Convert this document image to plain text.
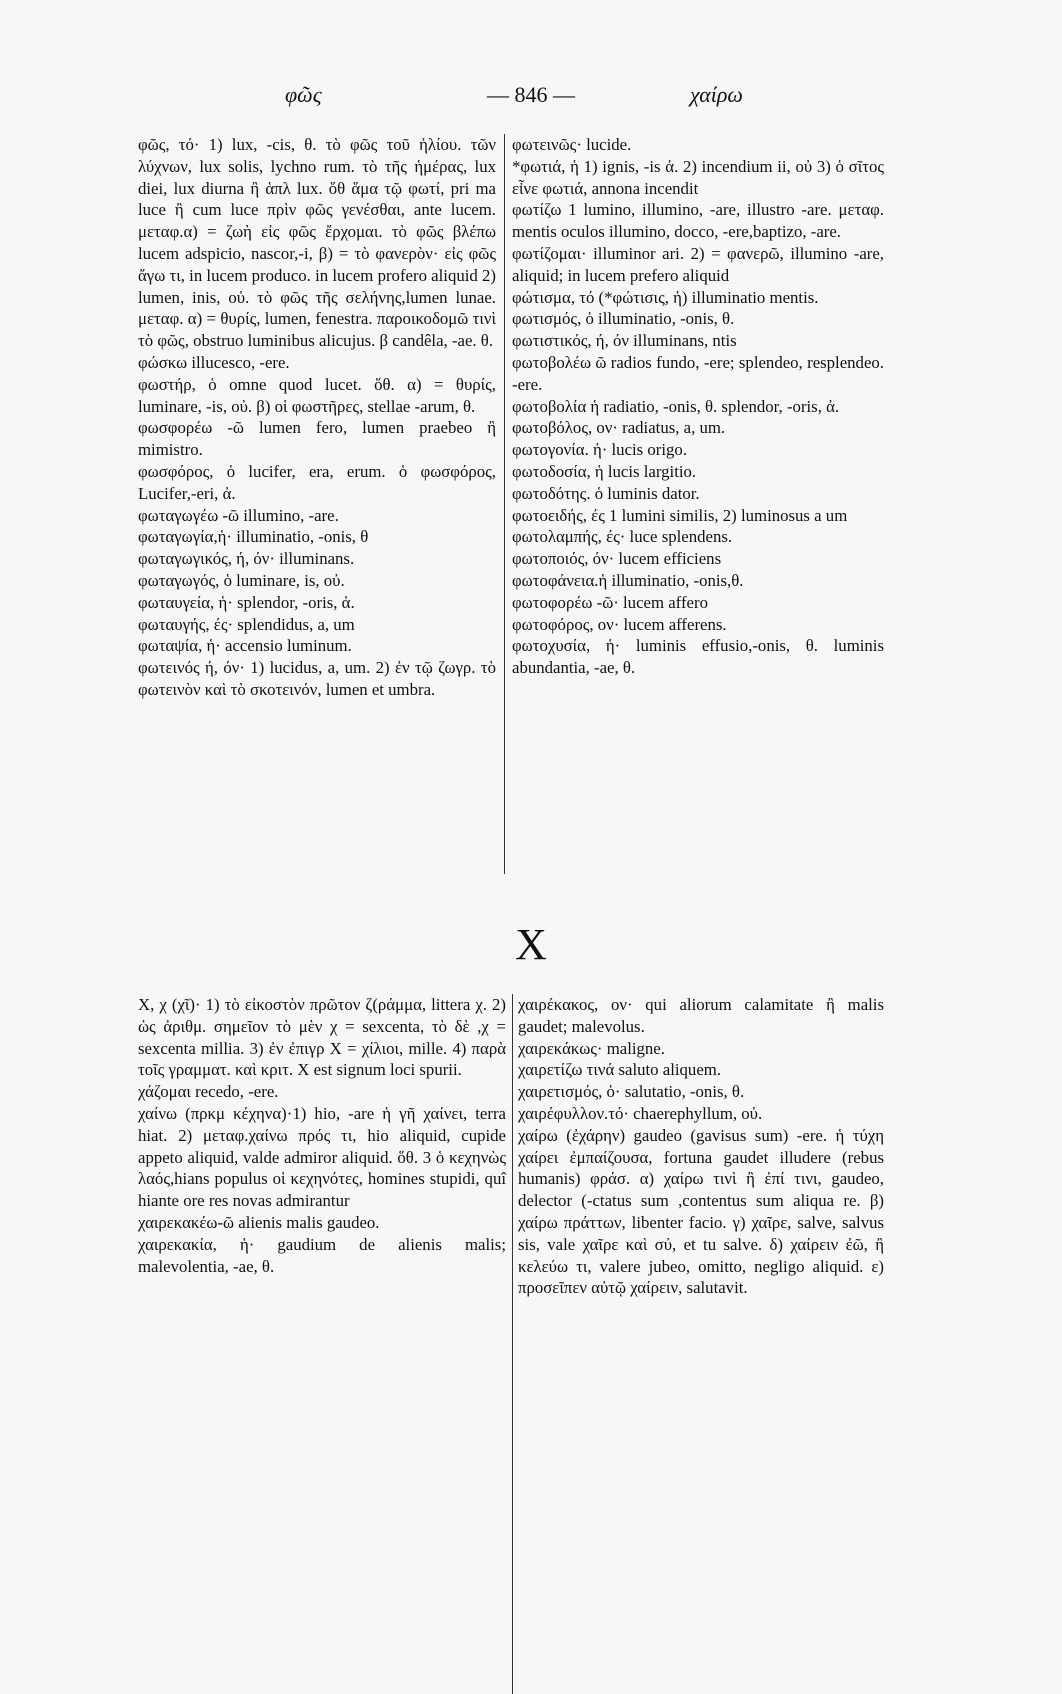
φῶς	— 846 —	χαίρω

φῶς, τό· 1) lux, -cis, θ. τὸ φῶς τοῦ ἡλίου. τῶν λύχνων, lux solis, lychno rum. τὸ τῆς ἡμέρας, lux diei, lux diurna ἢ ἁπλ lux. ὅθ ἅμα τῷ φωτί, pri ma luce ἢ cum luce πρὶν φῶς γενέσθαι, ante lucem. μεταφ.α) = ζωὴ εἰς φῶς ἔρχομαι. τὸ φῶς βλέπω lucem adspicio, nascor,-i, β) = τὸ φανερὸν· εἰς φῶς ἄγω τι, in lucem produco. in lucem profero aliquid 2) lumen, inis, οὐ. τὸ φῶς τῆς σελήνης,lumen lunae. μεταφ. α) = θυρίς, lumen, fenestra. παροικοδομῶ τινὶ τὸ φῶς, obstruo luminibus alicujus. β candêla, -ae. θ.

φώσκω illucesco, -ere.

φωστήρ, ὁ omne quod lucet. ὅθ. α) = θυρίς, luminare, -is, οὐ. β) οἱ φωστῆρες, stellae -arum, θ.

φωσφορέω -ῶ lumen fero, lumen praebeo ἢ mimistro.

φωσφόρος, ὁ lucifer, era, erum. ὁ φωσφόρος, Lucifer,-eri, ἀ.

φωταγωγέω -ῶ illumino, -are.

φωταγωγία,ἡ· illuminatio, -onis, θ

φωταγωγικός, ή, όν· illuminans.

φωταγωγός, ὁ luminare, is, οὐ.

φωταυγεία, ἡ· splendor, -oris, ἀ.

φωταυγής, ές· splendidus, a, um

φωταψία, ἡ· accensio luminum.

φωτεινός ή, όν· 1) lucidus, a, um. 2) ἐν τῷ ζωγρ. τὸ φωτεινὸν καὶ τὸ σκοτεινόν, lumen et umbra.

φωτεινῶς· lucide.

*φωτιά, ἡ 1) ignis, -is ἀ. 2) incendium ii, οὐ 3) ὁ σῖτος εἶνε φωτιά, annona incendit

φωτίζω 1 lumino, illumino, -are, illustro -are. μεταφ. mentis oculos illumino, docco, -ere,baptizo, -are.

φωτίζομαι· illuminor ari. 2) = φανερῶ, illumino -are, aliquid; in lucem prefero aliquid

φώτισμα, τό (*φώτισις, ἡ) illuminatio mentis.

φωτισμός, ὁ illuminatio, -onis, θ.

φωτιστικός, ή, όν illuminans, ntis

φωτοβολέω ῶ radios fundo, -ere; splendeo, resplendeo. -ere.

φωτοβολία ἡ radiatio, -onis, θ. splendor, -oris, ἀ.

φωτοβόλος, ον· radiatus, a, um.

φωτογονία. ἡ· lucis origo.

φωτοδοσία, ἡ lucis largitio.

φωτοδότης. ὁ luminis dator.

φωτοειδής, ές 1 lumini similis, 2) luminosus a um

φωτολαμπής, ές· luce splendens.

φωτοποιός, όν· lucem efficiens

φωτοφάνεια.ἡ illuminatio, -onis,θ.

φωτοφορέω -ῶ· lucem affero

φωτοφόρος, ον· lucem afferens.

φωτοχυσία, ἡ· luminis effusio,-onis, θ. luminis abundantia, -ae, θ.

X

X, χ (χῖ)· 1) τὸ εἰκοστὸν πρῶτον ζ(ράμμα, littera χ. 2) ὡς ἀριθμ. σημεῖον τὸ μὲν χ = sexcenta, τὸ δὲ ,χ = sexcenta millia. 3) ἐν ἐπιγρ X = χίλιοι, mille. 4) παρὰ τοῖς γραμματ. καὶ κριτ. X est signum loci spurii.

χάζομαι recedo, -ere.

χαίνω (πρκμ κέχηνα)·1) hio, -are ἡ γῆ χαίνει, terra hiat. 2) μεταφ.χαίνω πρός τι, hio aliquid, cupide appeto aliquid, valde admiror aliquid. ὅθ. 3 ὁ κεχηνὼς λαός,hians populus οἱ κεχηνότες, homines stupidi, quî hiante ore res novas admirantur

χαιρεκακέω-ῶ alienis malis gaudeo.

χαιρεκακία, ἡ· gaudium de alienis malis; malevolentia, -ae, θ.

χαιρέκακος, ον· qui aliorum calamitate ἢ malis gaudet; malevolus.

χαιρεκάκως· maligne.

χαιρετίζω τινά saluto aliquem.

χαιρετισμός, ὁ· salutatio, -onis, θ.

χαιρέφυλλον.τό· chaerephyllum, οὐ.

χαίρω (ἐχάρην) gaudeo (gavisus sum) -ere. ἡ τύχη χαίρει ἐμπαίζουσα, fortuna gaudet illudere (rebus humanis) φράσ. α) χαίρω τινὶ ἢ ἐπί τινι, gaudeo, delector (-ctatus sum ,contentus sum aliqua re. β) χαίρω πράττων, libenter facio. γ) χαῖρε, salve, salvus sis, vale χαῖρε καὶ σύ, et tu salve. δ) χαίρειν ἐῶ, ἢ κελεύω τι, valere jubeo, omitto, negligo aliquid. ε) προσεῖπεν αὐτῷ χαίρειν, salutavit.
